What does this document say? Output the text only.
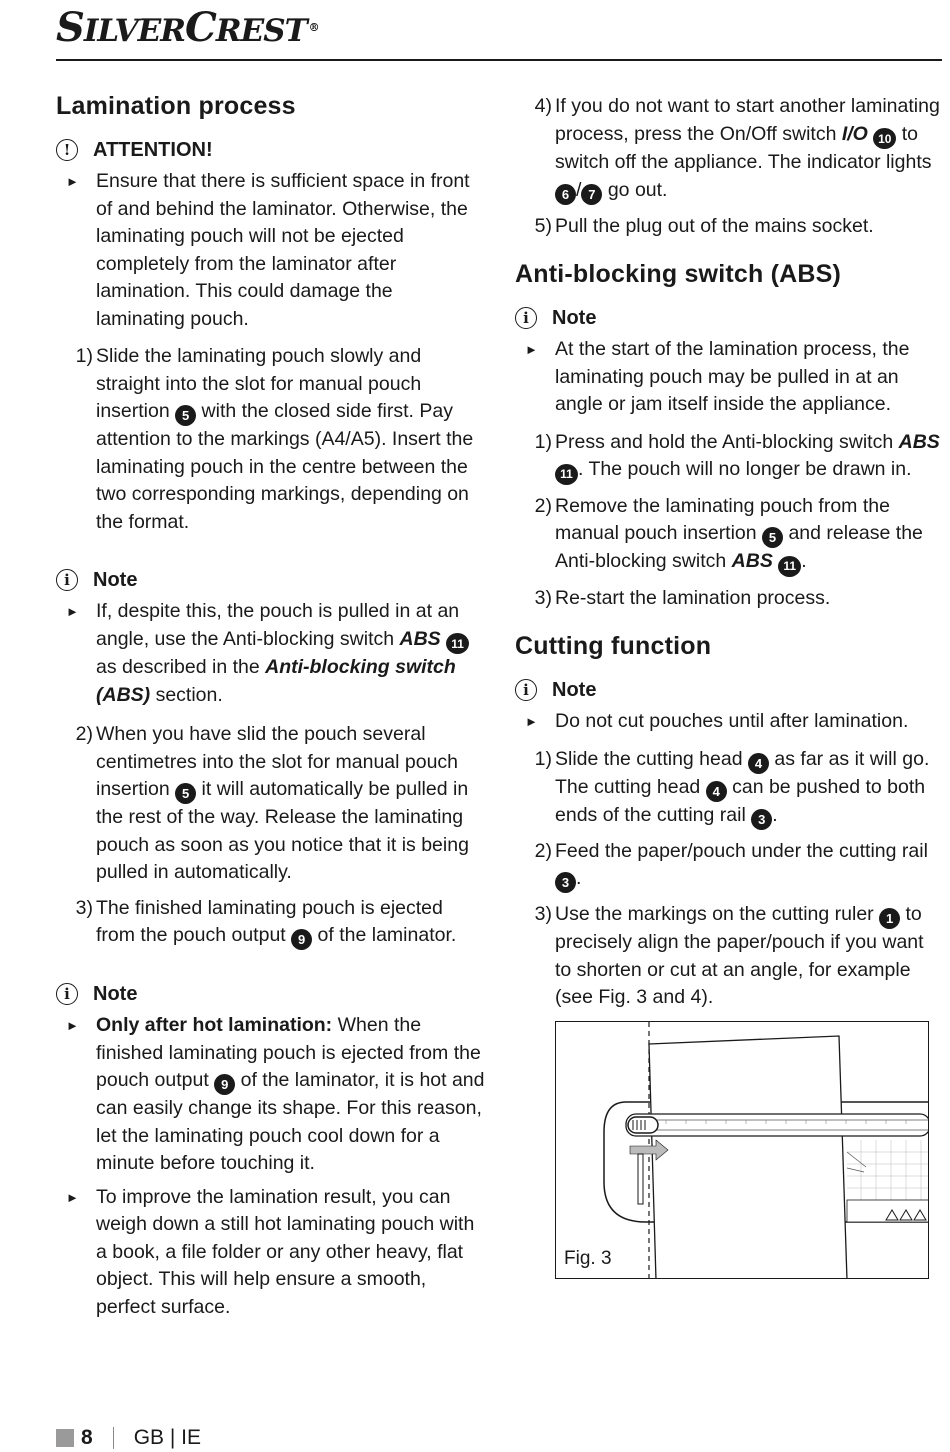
SILVERCREST ®
Lamination process
!	ATTENTION!
► Ensure that there is sufficient space in front of and behind the laminator. Otherwise, the laminating pouch will not be ejected completely from the laminator after lamination. This could damage the laminating pouch.
1) Slide the laminating pouch slowly and straight into the slot for manual pouch insertion 5 with the closed side first. Pay attention to the markings (A4/A5). Insert the laminating pouch in the centre between the two corresponding markings, depending on the format.
i	Note
► If, despite this, the pouch is pulled in at an angle, use the Anti-blocking switch ABS 11 as described in the Anti-blocking switch (ABS) section.
2) When you have slid the pouch several centimetres into the slot for manual pouch insertion 5 it will automatically be pulled in the rest of the way. Release the laminating pouch as soon as you notice that it is being pulled in automatically.
3) The finished laminating pouch is ejected from the pouch output 9 of the laminator.
i	Note
► Only after hot lamination: When the finished laminating pouch is ejected from the pouch output 9 of the laminator, it is hot and can easily change its shape. For this reason, let the laminating pouch cool down for a minute before touching it.
► To improve the lamination result, you can weigh down a still hot laminating pouch with a book, a file folder or any other heavy, flat object. This will help ensure a smooth, perfect surface.
4) If you do not want to start another laminating process, press the On/Off switch I/O 10 to switch off the appliance. The indicator lights 6 / 7 go out.
5) Pull the plug out of the mains socket.
Anti-blocking switch (ABS)
i	Note
► At the start of the lamination process, the laminating pouch may be pulled in at an angle or jam itself inside the appliance.
1) Press and hold the Anti-blocking switch ABS 11 . The pouch will no longer be drawn in.
2) Remove the laminating pouch from the manual pouch insertion 5 and release the Anti-blocking switch ABS 11 .
3) Re-start the lamination process.
Cutting function
i	Note
► Do not cut pouches until after lamination.
1) Slide the cutting head 4 as far as it will go. The cutting head 4 can be pushed to both ends of the cutting rail 3 .
2) Feed the paper/pouch under the cutting rail 3 .
3) Use the markings on the cutting ruler 1 to precisely align the paper/pouch if you want to shorten or cut at an angle, for example (see Fig. 3 and 4).
Fig. 3
8 GB | IE
